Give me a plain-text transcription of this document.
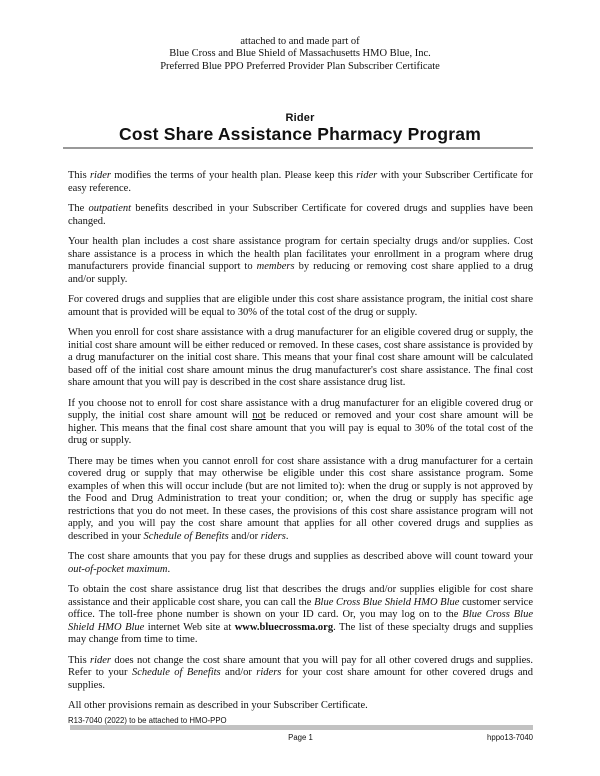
attached to and made part of
Blue Cross and Blue Shield of Massachusetts HMO Blue, Inc.
Preferred Blue PPO Preferred Provider Plan Subscriber Certificate
Rider
Cost Share Assistance Pharmacy Program

This rider modifies the terms of your health plan. Please keep this rider with your Subscriber Certificate for easy reference.

The outpatient benefits described in your Subscriber Certificate for covered drugs and supplies have been changed.

Your health plan includes a cost share assistance program for certain specialty drugs and/or supplies. Cost share assistance is a process in which the health plan facilitates your enrollment in a program where drug manufacturers provide financial support to members by reducing or removing cost share applied to a drug and/or supply.

For covered drugs and supplies that are eligible under this cost share assistance program, the initial cost share amount that is provided will be equal to 30% of the total cost of the drug or supply.

When you enroll for cost share assistance with a drug manufacturer for an eligible covered drug or supply, the initial cost share amount will be either reduced or removed. In these cases, cost share assistance is provided by a drug manufacturer on the initial cost share. This means that your final cost share amount will be calculated based off of the initial cost share amount minus the drug manufacturer's cost share assistance. The final cost share amount that you will pay is described in the cost share assistance drug list.

If you choose not to enroll for cost share assistance with a drug manufacturer for an eligible covered drug or supply, the initial cost share amount will not be reduced or removed and your cost share amount will be higher. This means that the final cost share amount that you will pay is equal to 30% of the total cost of the drug or supply.

There may be times when you cannot enroll for cost share assistance with a drug manufacturer for a certain covered drug or supply that may otherwise be eligible under this cost share assistance program. Some examples of when this will occur include (but are not limited to): when the drug or supply is not approved by the Food and Drug Administration to treat your condition; or, when the drug or supply has specific age restrictions that you do not meet. In these cases, the provisions of this cost share assistance program will not apply, and you will pay the cost share amount that applies for all other covered drugs and supplies as described in your Schedule of Benefits and/or riders.

The cost share amounts that you pay for these drugs and supplies as described above will count toward your out-of-pocket maximum.

To obtain the cost share assistance drug list that describes the drugs and/or supplies eligible for cost share assistance and their applicable cost share, you can call the Blue Cross Blue Shield HMO Blue customer service office. The toll-free phone number is shown on your ID card. Or, you may log on to the Blue Cross Blue Shield HMO Blue internet Web site at www.bluecrossma.org. The list of these specialty drugs and supplies may change from time to time.

This rider does not change the cost share amount that you will pay for all other covered drugs and supplies. Refer to your Schedule of Benefits and/or riders for your cost share amount for other covered drugs and supplies.

All other provisions remain as described in your Subscriber Certificate.

R13-7040 (2022) to be attached to HMO-PPO
Page 1	hppo13-7040
